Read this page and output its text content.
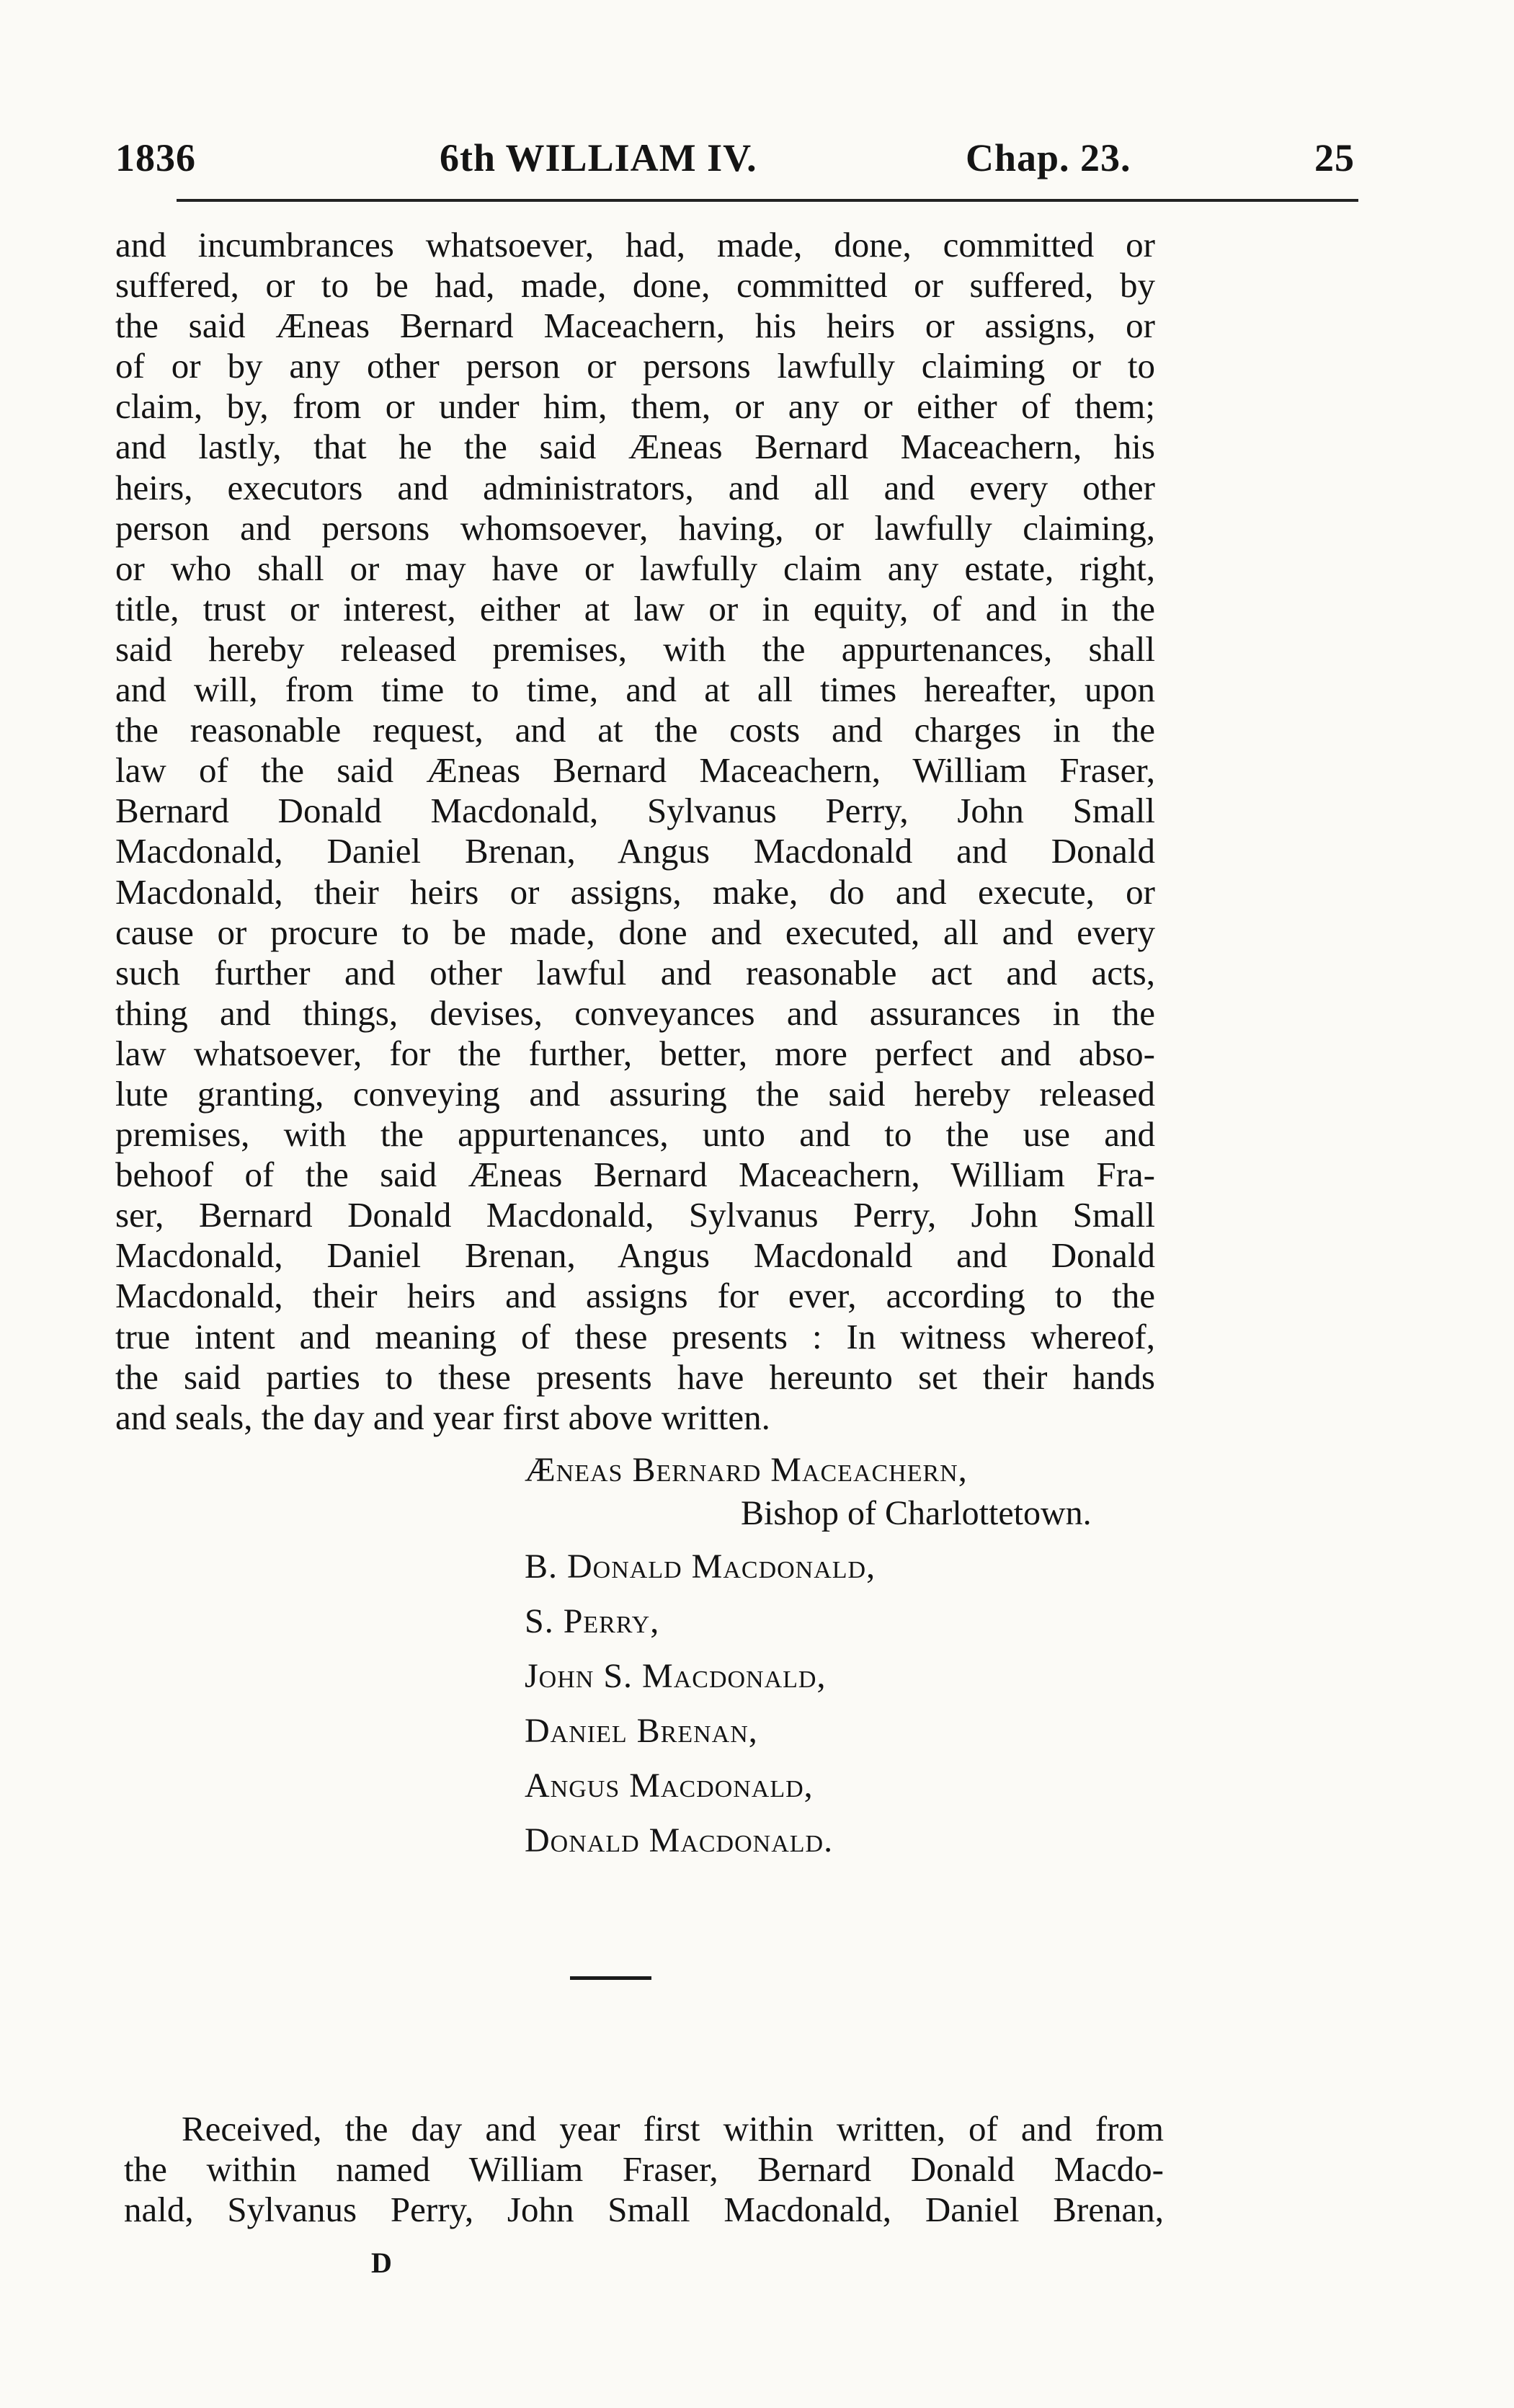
1836	6th WILLIAM IV.	Chap. 23.	25
and incumbrances whatsoever, had, made, done, committed or
suffered, or to be had, made, done, committed or suffered, by
the said Æneas Bernard Maceachern, his heirs or assigns, or
of or by any other person or persons lawfully claiming or to
claim, by, from or under him, them, or any or either of them;
and lastly, that he the said Æneas Bernard Maceachern, his
heirs, executors and administrators, and all and every other
person and persons whomsoever, having, or lawfully claiming,
or who shall or may have or lawfully claim any estate, right,
title, trust or interest, either at law or in equity, of and in the
said hereby released premises, with the appurtenances, shall
and will, from time to time, and at all times hereafter, upon
the reasonable request, and at the costs and charges in the
law of the said Æneas Bernard Maceachern, William Fraser,
Bernard Donald Macdonald, Sylvanus Perry, John Small
Macdonald, Daniel Brenan, Angus Macdonald and Donald
Macdonald, their heirs or assigns, make, do and execute, or
cause or procure to be made, done and executed, all and every
such further and other lawful and reasonable act and acts,
thing and things, devises, conveyances and assurances in the
law whatsoever, for the further, better, more perfect and abso-
lute granting, conveying and assuring the said hereby released
premises, with the appurtenances, unto and to the use and
behoof of the said Æneas Bernard Maceachern, William Fra-
ser, Bernard Donald Macdonald, Sylvanus Perry, John Small
Macdonald, Daniel Brenan, Angus Macdonald and Donald
Macdonald, their heirs and assigns for ever, according to the
true intent and meaning of these presents : In witness whereof,
the said parties to these presents have hereunto set their hands
and seals, the day and year first above written.
Æneas Bernard Maceachern,
Bishop of Charlottetown.
B. Donald Macdonald,
S. Perry,
John S. Macdonald,
Daniel Brenan,
Angus Macdonald,
Donald Macdonald.
Received, the day and year first within written, of and from
the within named William Fraser, Bernard Donald Macdo-
nald, Sylvanus Perry, John Small Macdonald, Daniel Brenan,
D
